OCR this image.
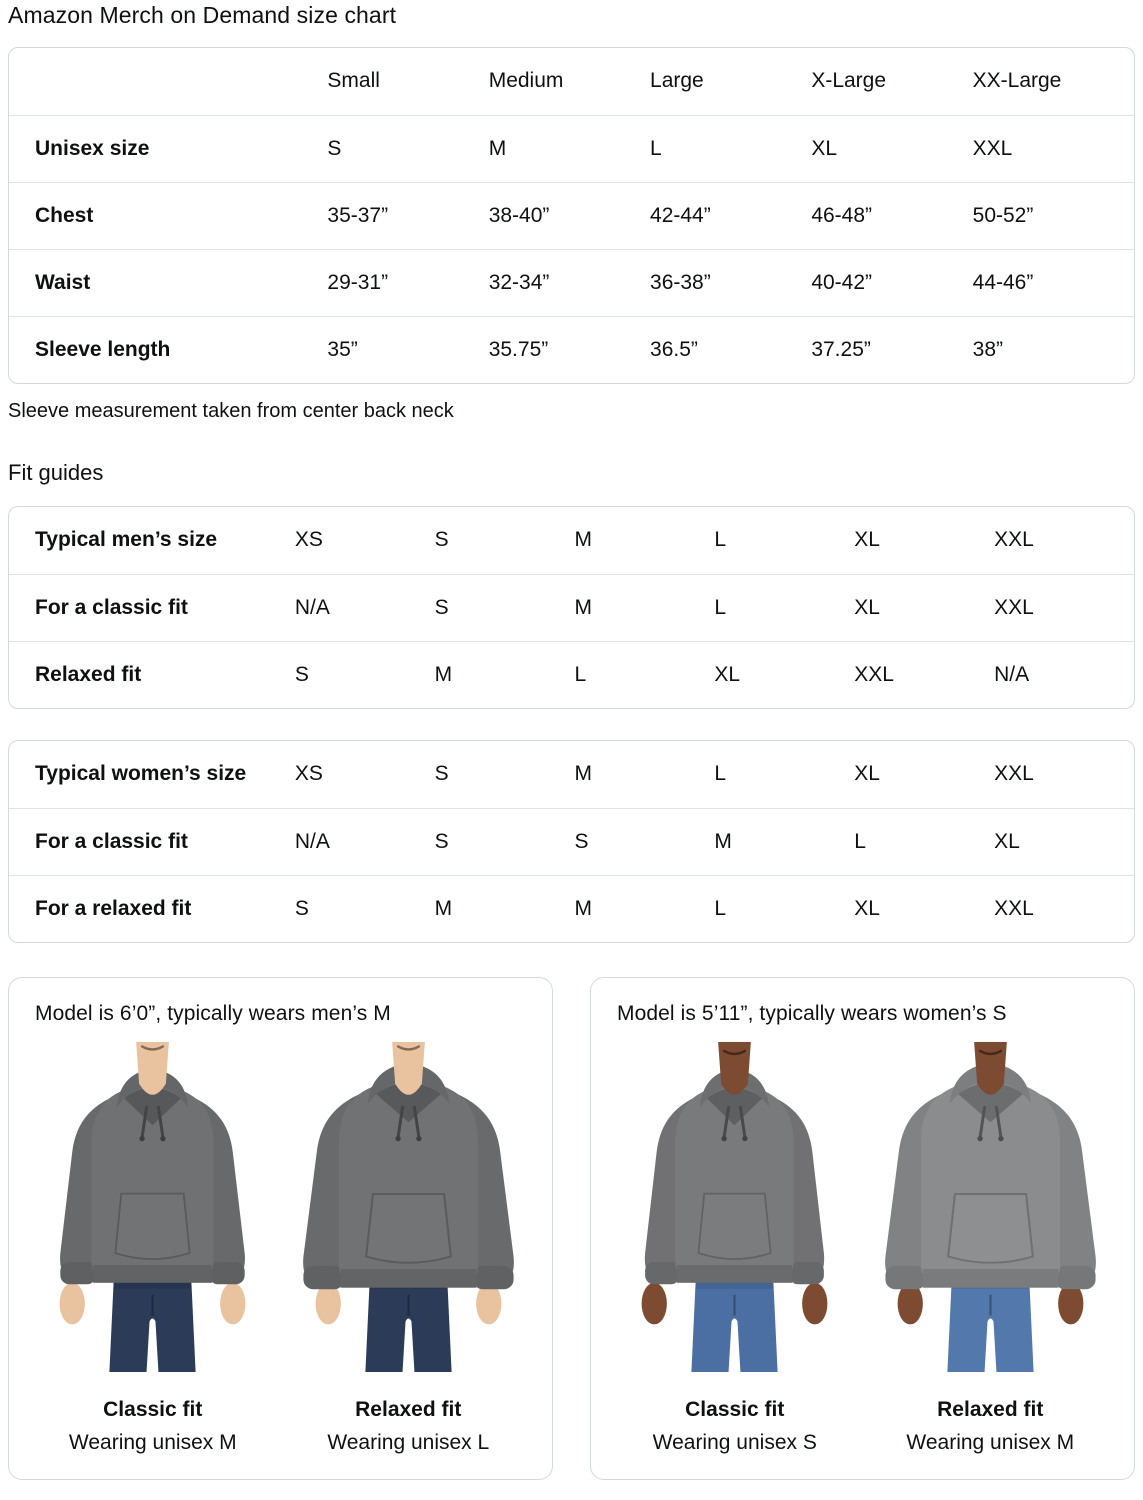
Amazon Merch on Demand size chart
	Small	Medium	Large	X-Large	XX-Large
Unisex size	S	M	L	XL	XXL
Chest	35-37”	38-40”	42-44”	46-48”	50-52”
Waist	29-31”	32-34”	36-38”	40-42”	44-46”
Sleeve length	35”	35.75”	36.5”	37.25”	38”

Sleeve measurement taken from center back neck

Fit guides
Typical men’s size	XS	S	M	L	XL	XXL
For a classic fit	N/A	S	M	L	XL	XXL
Relaxed fit	S	M	L	XL	XXL	N/A
Typical women’s size	XS	S	M	L	XL	XXL
For a classic fit	N/A	S	S	M	L	XL
For a relaxed fit	S	M	M	L	XL	XXL
Model is 6’0”, typically wears men’s M
Classic fit
Wearing unisex M
Relaxed fit
Wearing unisex L
Model is 5’11”, typically wears women’s S
Classic fit
Wearing unisex S
Relaxed fit
Wearing unisex M
